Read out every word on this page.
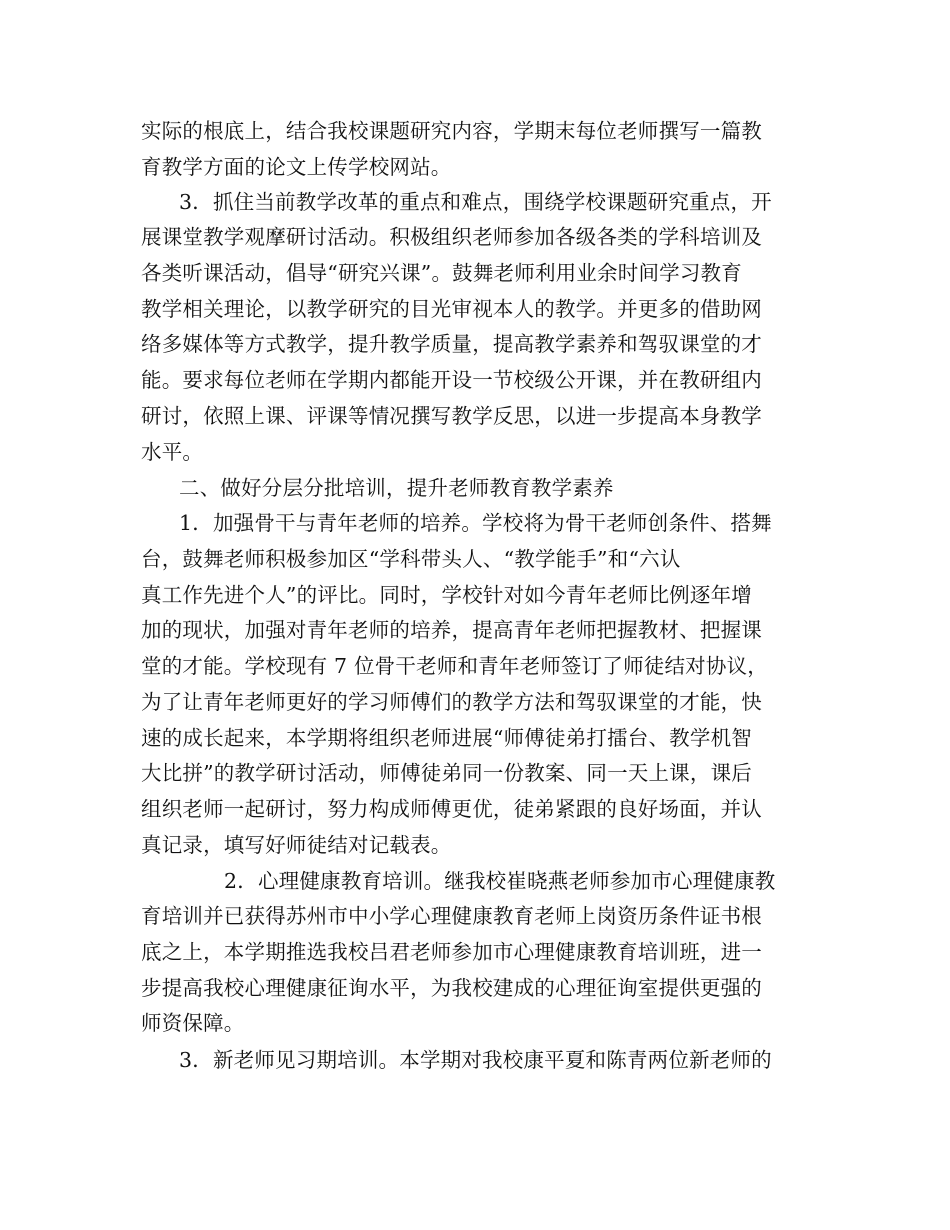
实际的根底上，结合我校课题研究内容，学期末每位老师撰写一篇教
育教学方面的论文上传学校网站。
3．抓住当前教学改革的重点和难点，围绕学校课题研究重点，开
展课堂教学观摩研讨活动。积极组织老师参加各级各类的学科培训及
各类听课活动，倡导“研究兴课”。鼓舞老师利用业余时间学习教育
教学相关理论，以教学研究的目光审视本人的教学。并更多的借助网
络多媒体等方式教学，提升教学质量，提高教学素养和驾驭课堂的才
能。要求每位老师在学期内都能开设一节校级公开课，并在教研组内
研讨，依照上课、评课等情况撰写教学反思，以进一步提高本身教学
水平。
二、做好分层分批培训，提升老师教育教学素养
1．加强骨干与青年老师的培养。学校将为骨干老师创条件、搭舞
台，鼓舞老师积极参加区“学科带头人、“教学能手”和“六认
真工作先进个人”的评比。同时，学校针对如今青年老师比例逐年增
加的现状，加强对青年老师的培养，提高青年老师把握教材、把握课
堂的才能。学校现有 7 位骨干老师和青年老师签订了师徒结对协议，
为了让青年老师更好的学习师傅们的教学方法和驾驭课堂的才能，快
速的成长起来，本学期将组织老师进展“师傅徒弟打擂台、教学机智
大比拼”的教学研讨活动，师傅徒弟同一份教案、同一天上课，课后
组织老师一起研讨，努力构成师傅更优，徒弟紧跟的良好场面，并认
真记录，填写好师徒结对记载表。
2．心理健康教育培训。继我校崔晓燕老师参加市心理健康教
育培训并已获得苏州市中小学心理健康教育老师上岗资历条件证书根
底之上，本学期推选我校吕君老师参加市心理健康教育培训班，进一
步提高我校心理健康征询水平，为我校建成的心理征询室提供更强的
师资保障。
3．新老师见习期培训。本学期对我校康平夏和陈青两位新老师的
